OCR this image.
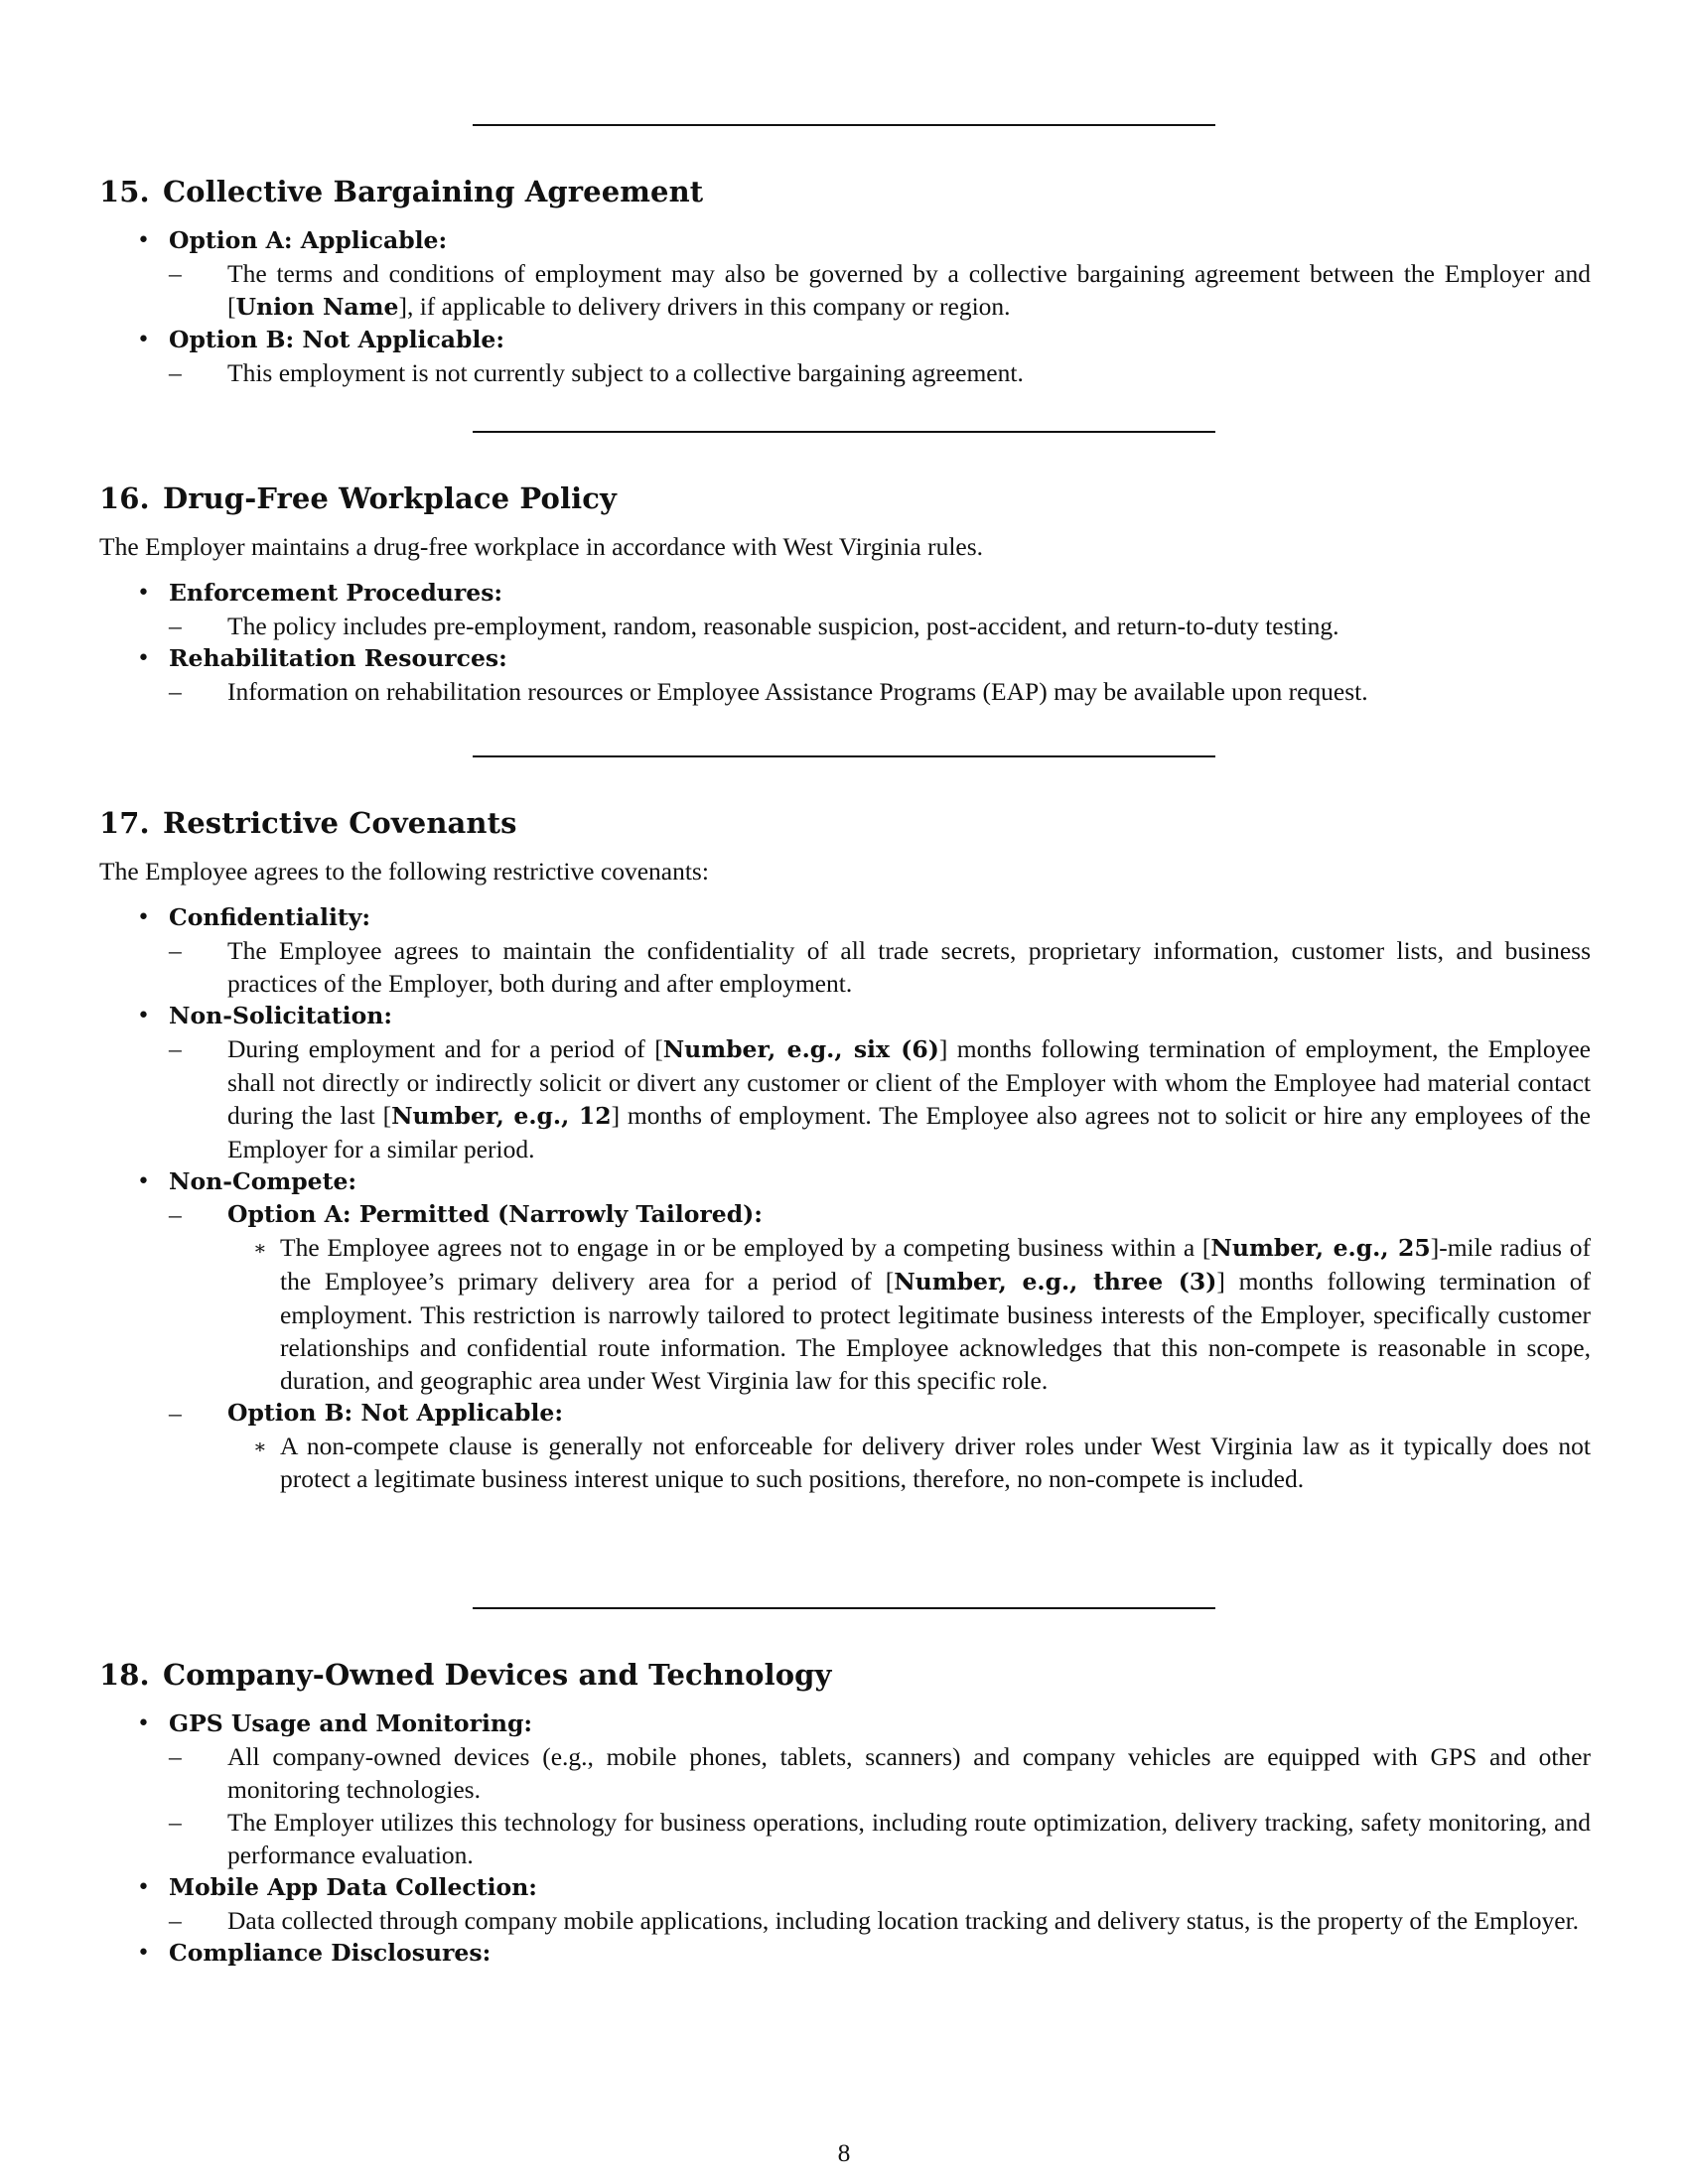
15. Collective Bargaining Agreement
• Option A: Applicable:
– The terms and conditions of employment may also be governed by a collective bargaining agreement between the Employer and [Union Name], if applicable to delivery drivers in this company or region.
• Option B: Not Applicable:
– This employment is not currently subject to a collective bargaining agreement.
16. Drug-Free Workplace Policy

The Employer maintains a drug-free workplace in accordance with West Virginia rules.

• Enforcement Procedures:
– The policy includes pre-employment, random, reasonable suspicion, post-accident, and return-to-duty testing.
• Rehabilitation Resources:
– Information on rehabilitation resources or Employee Assistance Programs (EAP) may be available upon request.
17. Restrictive Covenants

The Employee agrees to the following restrictive covenants:

• Confidentiality:
– The Employee agrees to maintain the confidentiality of all trade secrets, proprietary information, customer lists, and business practices of the Employer, both during and after employment.
• Non-Solicitation:
– During employment and for a period of [Number, e.g., six (6)] months following termination of employment, the Employee shall not directly or indirectly solicit or divert any customer or client of the Employer with whom the Employee had material contact during the last [Number, e.g., 12] months of employment. The Employee also agrees not to solicit or hire any employees of the Employer for a similar period.
• Non-Compete:
– Option A: Permitted (Narrowly Tailored):
∗ The Employee agrees not to engage in or be employed by a competing business within a [Number, e.g., 25]-mile radius of the Employee’s primary delivery area for a period of [Number, e.g., three (3)] months following termination of employment. This restriction is narrowly tailored to protect legitimate business interests of the Employer, specifically customer relationships and confidential route information. The Employee acknowledges that this non-compete is reasonable in scope, duration, and geographic area under West Virginia law for this specific role.
– Option B: Not Applicable:
∗ A non-compete clause is generally not enforceable for delivery driver roles under West Virginia law as it typically does not protect a legitimate business interest unique to such positions, therefore, no non-compete is included.
18. Company-Owned Devices and Technology
• GPS Usage and Monitoring:
– All company-owned devices (e.g., mobile phones, tablets, scanners) and company vehicles are equipped with GPS and other monitoring technologies.
– The Employer utilizes this technology for business operations, including route optimization, delivery tracking, safety monitoring, and performance evaluation.
• Mobile App Data Collection:
– Data collected through company mobile applications, including location tracking and delivery status, is the property of the Employer.
• Compliance Disclosures:
8
